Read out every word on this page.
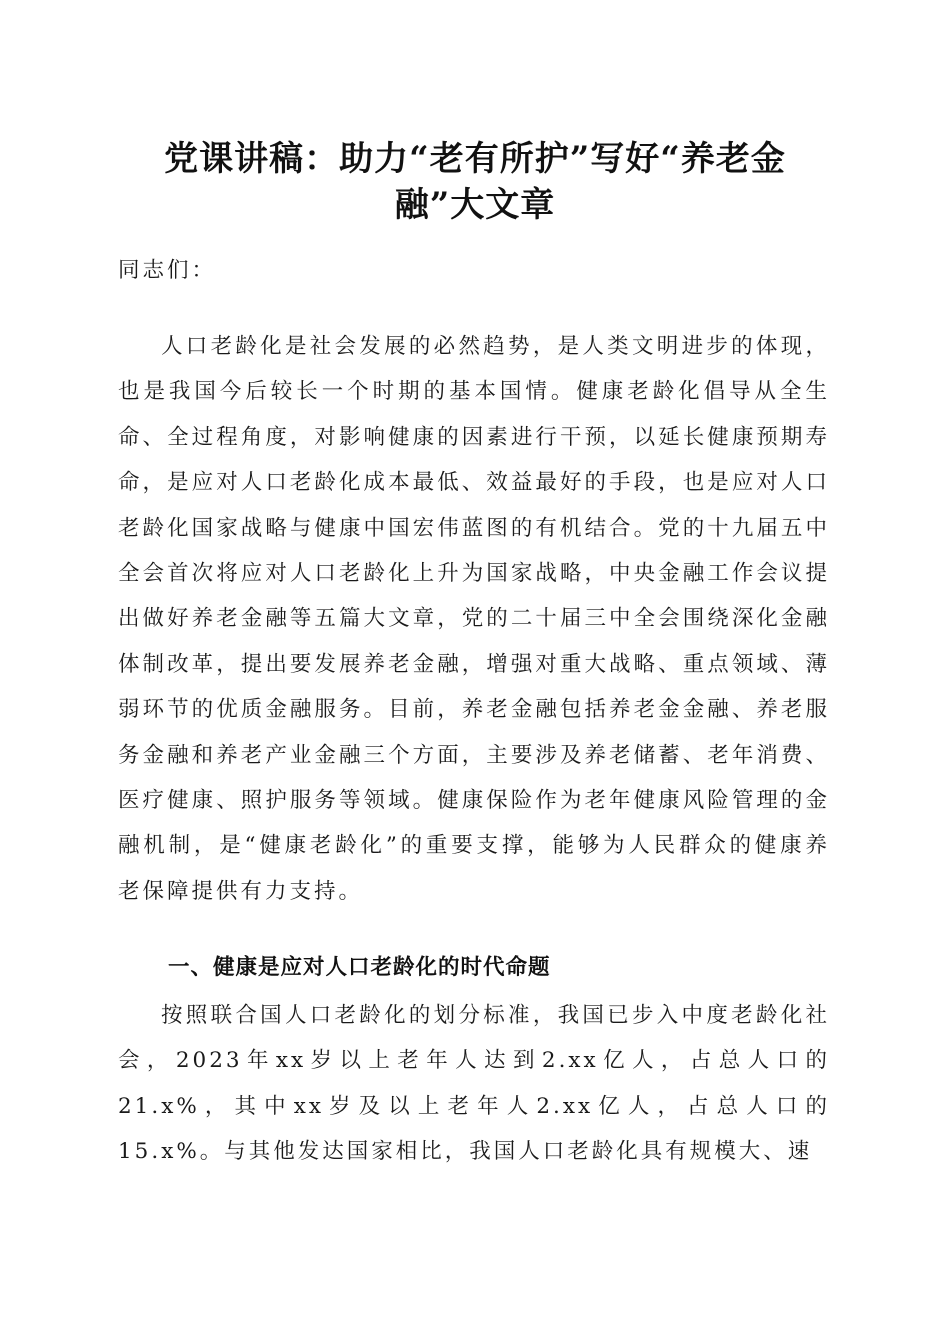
党课讲稿：助力“老有所护”写好“养老金
融”大文章
同志们：
人口老龄化是社会发展的必然趋势，是人类文明进步的体现，也是我国今后较长一个时期的基本国情。健康老龄化倡导从全生命、全过程角度，对影响健康的因素进行干预，以延长健康预期寿命，是应对人口老龄化成本最低、效益最好的手段，也是应对人口老龄化国家战略与健康中国宏伟蓝图的有机结合。党的十九届五中全会首次将应对人口老龄化上升为国家战略，中央金融工作会议提出做好养老金融等五篇大文章，党的二十届三中全会围绕深化金融体制改革，提出要发展养老金融，增强对重大战略、重点领域、薄弱环节的优质金融服务。目前，养老金融包括养老金金融、养老服务金融和养老产业金融三个方面，主要涉及养老储蓄、老年消费、医疗健康、照护服务等领域。健康保险作为老年健康风险管理的金融机制，是“健康老龄化”的重要支撑，能够为人民群众的健康养老保障提供有力支持。
一、健康是应对人口老龄化的时代命题
按照联合国人口老龄化的划分标准，我国已步入中度老龄化社会，2023年xx岁以上老年人达到2.xx亿人，占总人口的21.x%，其中xx岁及以上老年人2.xx亿人，占总人口的15.x%。与其他发达国家相比，我国人口老龄化具有规模大、速
